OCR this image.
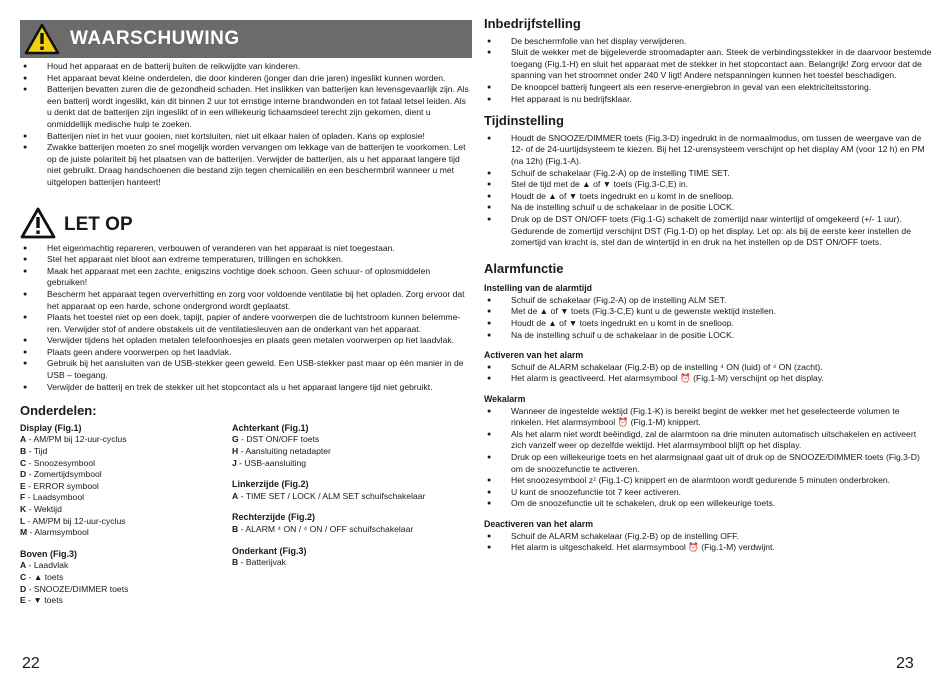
WAARSCHUWING
● Houd het apparaat en de batterij buiten de reikwijdte van kinderen.
● Het apparaat bevat kleine onderdelen, die door kinderen (jonger dan drie jaren) ingeslikt kunnen worden.
● Batterijen bevatten zuren die de gezondheid schaden. Het inslikken van batterijen kan levensgevaarlijk zijn. Als een batterij wordt ingeslikt, kan dit binnen 2 uur tot ernstige interne brandwonden en tot fataal letsel leiden. Als u denkt dat de batterijen zijn ingeslikt of in een willekeurig lichaamsdeel terecht zijn gekomen, dient u onmiddellijk medische hulp te zoeken.
● Batterijen niet in het vuur gooien, niet kortsluiten, niet uit elkaar halen of opladen. Kans op explosie!
● Zwakke batterijen moeten zo snel mogelijk worden vervangen om lekkage van de batterijen te voorkomen. Let op de juiste polariteit bij het plaatsen van de batterijen. Verwijder de batterijen, als u het apparaat langere tijd niet gebruikt. Draag handschoenen die bestand zijn tegen chemicaliën en een beschermbril wanneer u met uitgelopen batterijen hanteert!
LET OP
● Het eigenmachtig repareren, verbouwen of veranderen van het apparaat is niet toegestaan.
● Stel het apparaat niet bloot aan extreme temperaturen, trillingen en schokken.
● Maak het apparaat met een zachte, enigszins vochtige doek schoon. Geen schuur- of oplosmiddelen gebruiken!
● Bescherm het apparaat tegen oververhitting en zorg voor voldoende ventilatie bij het opladen. Zorg ervoor dat het apparaat op een harde, schone ondergrond wordt geplaatst.
● Plaats het toestel niet op een doek, tapijt, papier of andere voorwerpen die de luchtstroom kunnen belemme-ren. Verwijder stof of andere obstakels uit de ventilatiesleuven aan de onderkant van het apparaat.
● Verwijder tijdens het opladen metalen telefoonhoesjes en plaats geen metalen voorwerpen op het laadvlak.
● Plaats geen andere voorwerpen op het laadvlak.
● Gebruik bij het aansluiten van de USB-stekker geen geweld. Een USB-stekker past maar op één manier in de USB – toegang.
● Verwijder de batterij en trek de stekker uit het stopcontact als u het apparaat langere tijd niet gebruikt.
Onderdelen:
Display (Fig.1)
A - AM/PM bij 12-uur-cyclus
B - Tijd
C - Snoozesymbool
D - Zomertijdsymbool
E - ERROR symbool
F - Laadsymbool
K - Wektijd
L - AM/PM bij 12-uur-cyclus
M - Alarmsymbool
Boven (Fig.3)
A - Laadvlak
C - ▲ toets
D - SNOOZE/DIMMER toets
E - ▼ toets
Achterkant (Fig.1)
G - DST ON/OFF toets
H - Aansluiting netadapter
J - USB-aansluiting
Linkerzijde (Fig.2)
A - TIME SET / LOCK / ALM SET schuifschakelaar
Rechterzijde (Fig.2)
B - ALARM ⁴ ON / ⁴ ON / OFF schuifschakelaar
Onderkant (Fig.3)
B - Batterijvak
22
Inbedrijfstelling
● De beschermfolie van het display verwijderen.
● Sluit de wekker met de bijgeleverde stroomadapter aan. Steek de verbindingsstekker in de daarvoor bestemde toegang (Fig.1-H) en sluit het apparaat met de stekker in het stopcontact aan. Belangrijk! Zorg ervoor dat de spanning van het stroomnet onder 240 V ligt! Andere netspanningen kunnen het toestel beschadigen.
● De knoopcel batterij fungeert als een reserve-energiebron in geval van een elektriciteitsstoring.
● Het apparaat is nu bedrijfsklaar.
Tijdinstelling
● Houdt de SNOOZE/DIMMER toets (Fig.3-D) ingedrukt in de normaalmodus, om tussen de weergave van de 12- of de 24-uurtijdsysteem te kiezen. Bij het 12-urensysteem verschijnt op het display AM (voor 12 h) en PM (na 12h) (Fig.1-A).
● Schuif de schakelaar (Fig.2-A) op de instelling TIME SET.
● Stel de tijd met de ▲ of ▼ toets (Fig.3-C,E) in.
● Houdt de ▲ of ▼ toets ingedrukt en u komt in de snelloop.
● Na de instelling schuif u de schakelaar in de positie LOCK.
● Druk op de DST ON/OFF toets (Fig.1-G) schakelt de zomertijd naar wintertijd of omgekeerd (+/- 1 uur). Gedurende de zomertijd verschijnt DST (Fig.1-D) op het display. Let op: als bij de eerste keer instellen de zomertijd van kracht is, stel dan de wintertijd in en druk na het instellen op de DST ON/OFF toets.
Alarmfunctie
Instelling van de alarmtijd
● Schuif de schakelaar (Fig.2-A) op de instelling ALM SET.
● Met de ▲ of ▼ toets (Fig.3-C,E) kunt u de gewenste wektijd instellen.
● Houdt de ▲ of ▼ toets ingedrukt en u komt in de snelloop.
● Na de instelling schuif u de schakelaar in de positie LOCK.
Activeren van het alarm
● Schuif de ALARM schakelaar (Fig.2-B) op de instelling ⁴ ON (luid) of ⁴ ON (zacht).
● Het alarm is geactiveerd. Het alarmsymbool ⏰ (Fig.1-M) verschijnt op het display.
Wekalarm
● Wanneer de ingestelde wektijd (Fig.1-K) is bereikt begint de wekker met het geselecteerde volumen te rinkelen. Het alarmsymbool ⏰ (Fig.1-M) knippert.
● Als het alarm niet wordt beëindigd, zal de alarmtoon na drie minuten automatisch uitschakelen en activeert zich vanzelf weer op dezelfde wektijd. Het alarmsymbool blijft op het display.
● Druk op een willekeurige toets en het alarmsignaal gaat uit of druk op de SNOOZE/DIMMER toets (Fig.3-D) om de snoozefunctie te activeren.
● Het snoozesymbool zᶻ (Fig.1-C) knippert en de alarmtoon wordt gedurende 5 minuten onderbroken.
● U kunt de snoozefunctie tot 7 keer activeren.
● Om de snoozefunctie uit te schakelen, druk op een willekeurige toets.
Deactiveren van het alarm
● Schuif de ALARM schakelaar (Fig.2-B) op de instelling OFF.
● Het alarm is uitgeschakeld. Het alarmsymbool ⏰ (Fig.1-M) verdwijnt.
23
